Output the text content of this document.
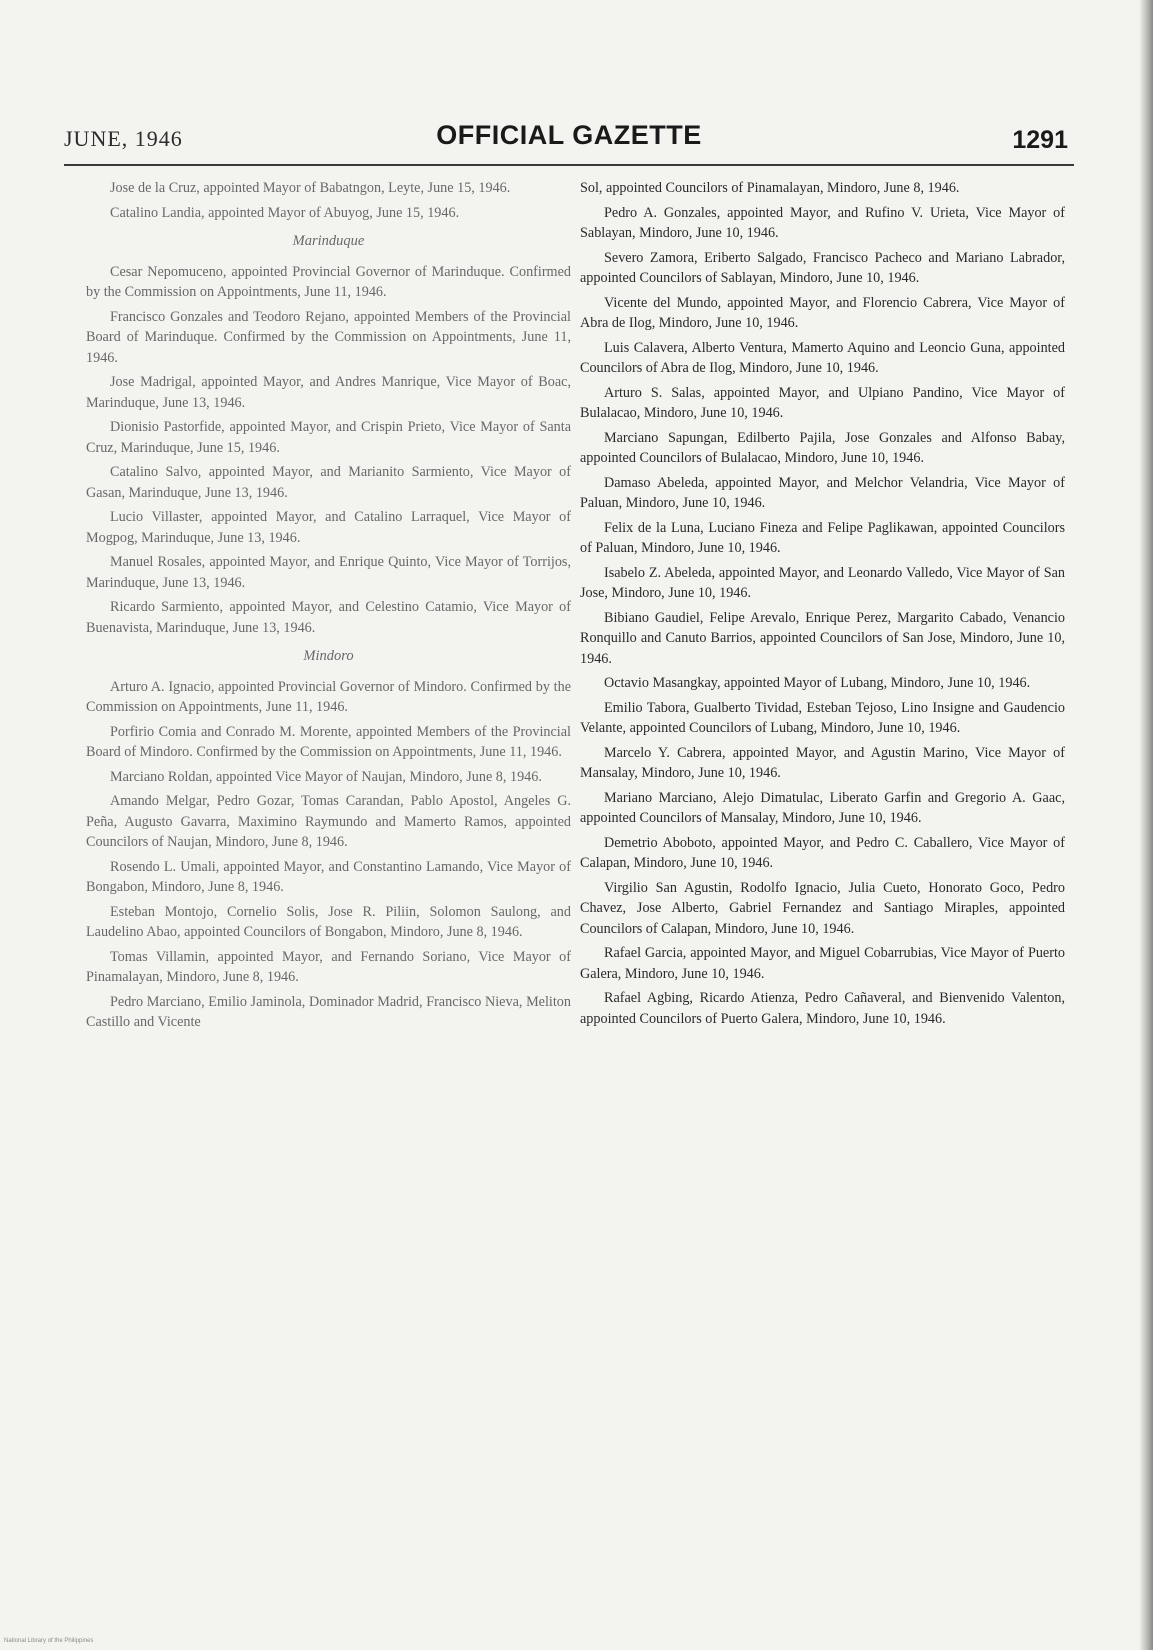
JUNE, 1946	OFFICIAL GAZETTE	1291

Jose de la Cruz, appointed Mayor of Babatngon, Leyte, June 15, 1946.

Catalino Landia, appointed Mayor of Abuyog, June 15, 1946.

Marinduque

Cesar Nepomuceno, appointed Provincial Governor of Marinduque. Confirmed by the Commission on Appointments, June 11, 1946.

Francisco Gonzales and Teodoro Rejano, appointed Members of the Provincial Board of Marinduque. Confirmed by the Commission on Appointments, June 11, 1946.

Jose Madrigal, appointed Mayor, and Andres Manrique, Vice Mayor of Boac, Marinduque, June 13, 1946.

Dionisio Pastorfide, appointed Mayor, and Crispin Prieto, Vice Mayor of Santa Cruz, Marinduque, June 15, 1946.

Catalino Salvo, appointed Mayor, and Marianito Sarmiento, Vice Mayor of Gasan, Marinduque, June 13, 1946.

Lucio Villaster, appointed Mayor, and Catalino Larraquel, Vice Mayor of Mogpog, Marinduque, June 13, 1946.

Manuel Rosales, appointed Mayor, and Enrique Quinto, Vice Mayor of Torrijos, Marinduque, June 13, 1946.

Ricardo Sarmiento, appointed Mayor, and Celestino Catamio, Vice Mayor of Buenavista, Marinduque, June 13, 1946.

Mindoro

Arturo A. Ignacio, appointed Provincial Governor of Mindoro. Confirmed by the Commission on Appointments, June 11, 1946.

Porfirio Comia and Conrado M. Morente, appointed Members of the Provincial Board of Mindoro. Confirmed by the Commission on Appointments, June 11, 1946.

Marciano Roldan, appointed Vice Mayor of Naujan, Mindoro, June 8, 1946.

Amando Melgar, Pedro Gozar, Tomas Carandan, Pablo Apostol, Angeles G. Peña, Augusto Gavarra, Maximino Raymundo and Mamerto Ramos, appointed Councilors of Naujan, Mindoro, June 8, 1946.

Rosendo L. Umali, appointed Mayor, and Constantino Lamando, Vice Mayor of Bongabon, Mindoro, June 8, 1946.

Esteban Montojo, Cornelio Solis, Jose R. Piliin, Solomon Saulong, and Laudelino Abao, appointed Councilors of Bongabon, Mindoro, June 8, 1946.

Tomas Villamin, appointed Mayor, and Fernando Soriano, Vice Mayor of Pinamalayan, Mindoro, June 8, 1946.

Pedro Marciano, Emilio Jaminola, Dominador Madrid, Francisco Nieva, Meliton Castillo and Vicente

Sol, appointed Councilors of Pinamalayan, Mindoro, June 8, 1946.

Pedro A. Gonzales, appointed Mayor, and Rufino V. Urieta, Vice Mayor of Sablayan, Mindoro, June 10, 1946.

Severo Zamora, Eriberto Salgado, Francisco Pacheco and Mariano Labrador, appointed Councilors of Sablayan, Mindoro, June 10, 1946.

Vicente del Mundo, appointed Mayor, and Florencio Cabrera, Vice Mayor of Abra de Ilog, Mindoro, June 10, 1946.

Luis Calavera, Alberto Ventura, Mamerto Aquino and Leoncio Guna, appointed Councilors of Abra de Ilog, Mindoro, June 10, 1946.

Arturo S. Salas, appointed Mayor, and Ulpiano Pandino, Vice Mayor of Bulalacao, Mindoro, June 10, 1946.

Marciano Sapungan, Edilberto Pajila, Jose Gonzales and Alfonso Babay, appointed Councilors of Bulalacao, Mindoro, June 10, 1946.

Damaso Abeleda, appointed Mayor, and Melchor Velandria, Vice Mayor of Paluan, Mindoro, June 10, 1946.

Felix de la Luna, Luciano Fineza and Felipe Paglikawan, appointed Councilors of Paluan, Mindoro, June 10, 1946.

Isabelo Z. Abeleda, appointed Mayor, and Leonardo Valledo, Vice Mayor of San Jose, Mindoro, June 10, 1946.

Bibiano Gaudiel, Felipe Arevalo, Enrique Perez, Margarito Cabado, Venancio Ronquillo and Canuto Barrios, appointed Councilors of San Jose, Mindoro, June 10, 1946.

Octavio Masangkay, appointed Mayor of Lubang, Mindoro, June 10, 1946.

Emilio Tabora, Gualberto Tividad, Esteban Tejoso, Lino Insigne and Gaudencio Velante, appointed Councilors of Lubang, Mindoro, June 10, 1946.

Marcelo Y. Cabrera, appointed Mayor, and Agustin Marino, Vice Mayor of Mansalay, Mindoro, June 10, 1946.

Mariano Marciano, Alejo Dimatulac, Liberato Garfin and Gregorio A. Gaac, appointed Councilors of Mansalay, Mindoro, June 10, 1946.

Demetrio Aboboto, appointed Mayor, and Pedro C. Caballero, Vice Mayor of Calapan, Mindoro, June 10, 1946.

Virgilio San Agustin, Rodolfo Ignacio, Julia Cueto, Honorato Goco, Pedro Chavez, Jose Alberto, Gabriel Fernandez and Santiago Miraples, appointed Councilors of Calapan, Mindoro, June 10, 1946.

Rafael Garcia, appointed Mayor, and Miguel Cobarrubias, Vice Mayor of Puerto Galera, Mindoro, June 10, 1946.

Rafael Agbing, Ricardo Atienza, Pedro Cañaveral, and Bienvenido Valenton, appointed Councilors of Puerto Galera, Mindoro, June 10, 1946.

National Library of the Philippines
